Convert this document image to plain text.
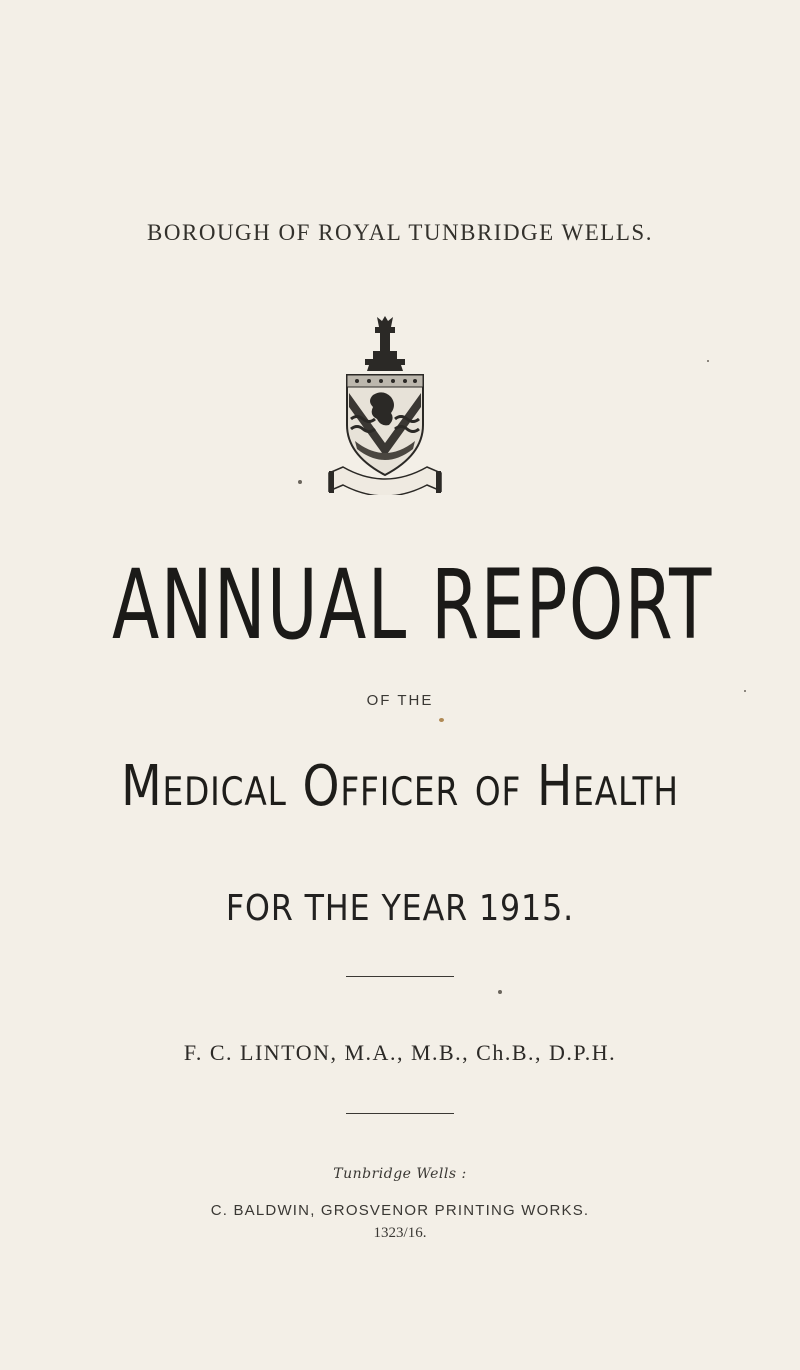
BOROUGH OF ROYAL TUNBRIDGE WELLS.
ANNUAL REPORT
OF THE
Medical Officer of Health
FOR THE YEAR 1915.
F. C. LINTON, M.A., M.B., Ch.B., D.P.H.
Tunbridge Wells :
C. BALDWIN, GROSVENOR PRINTING WORKS.
1323/16.
